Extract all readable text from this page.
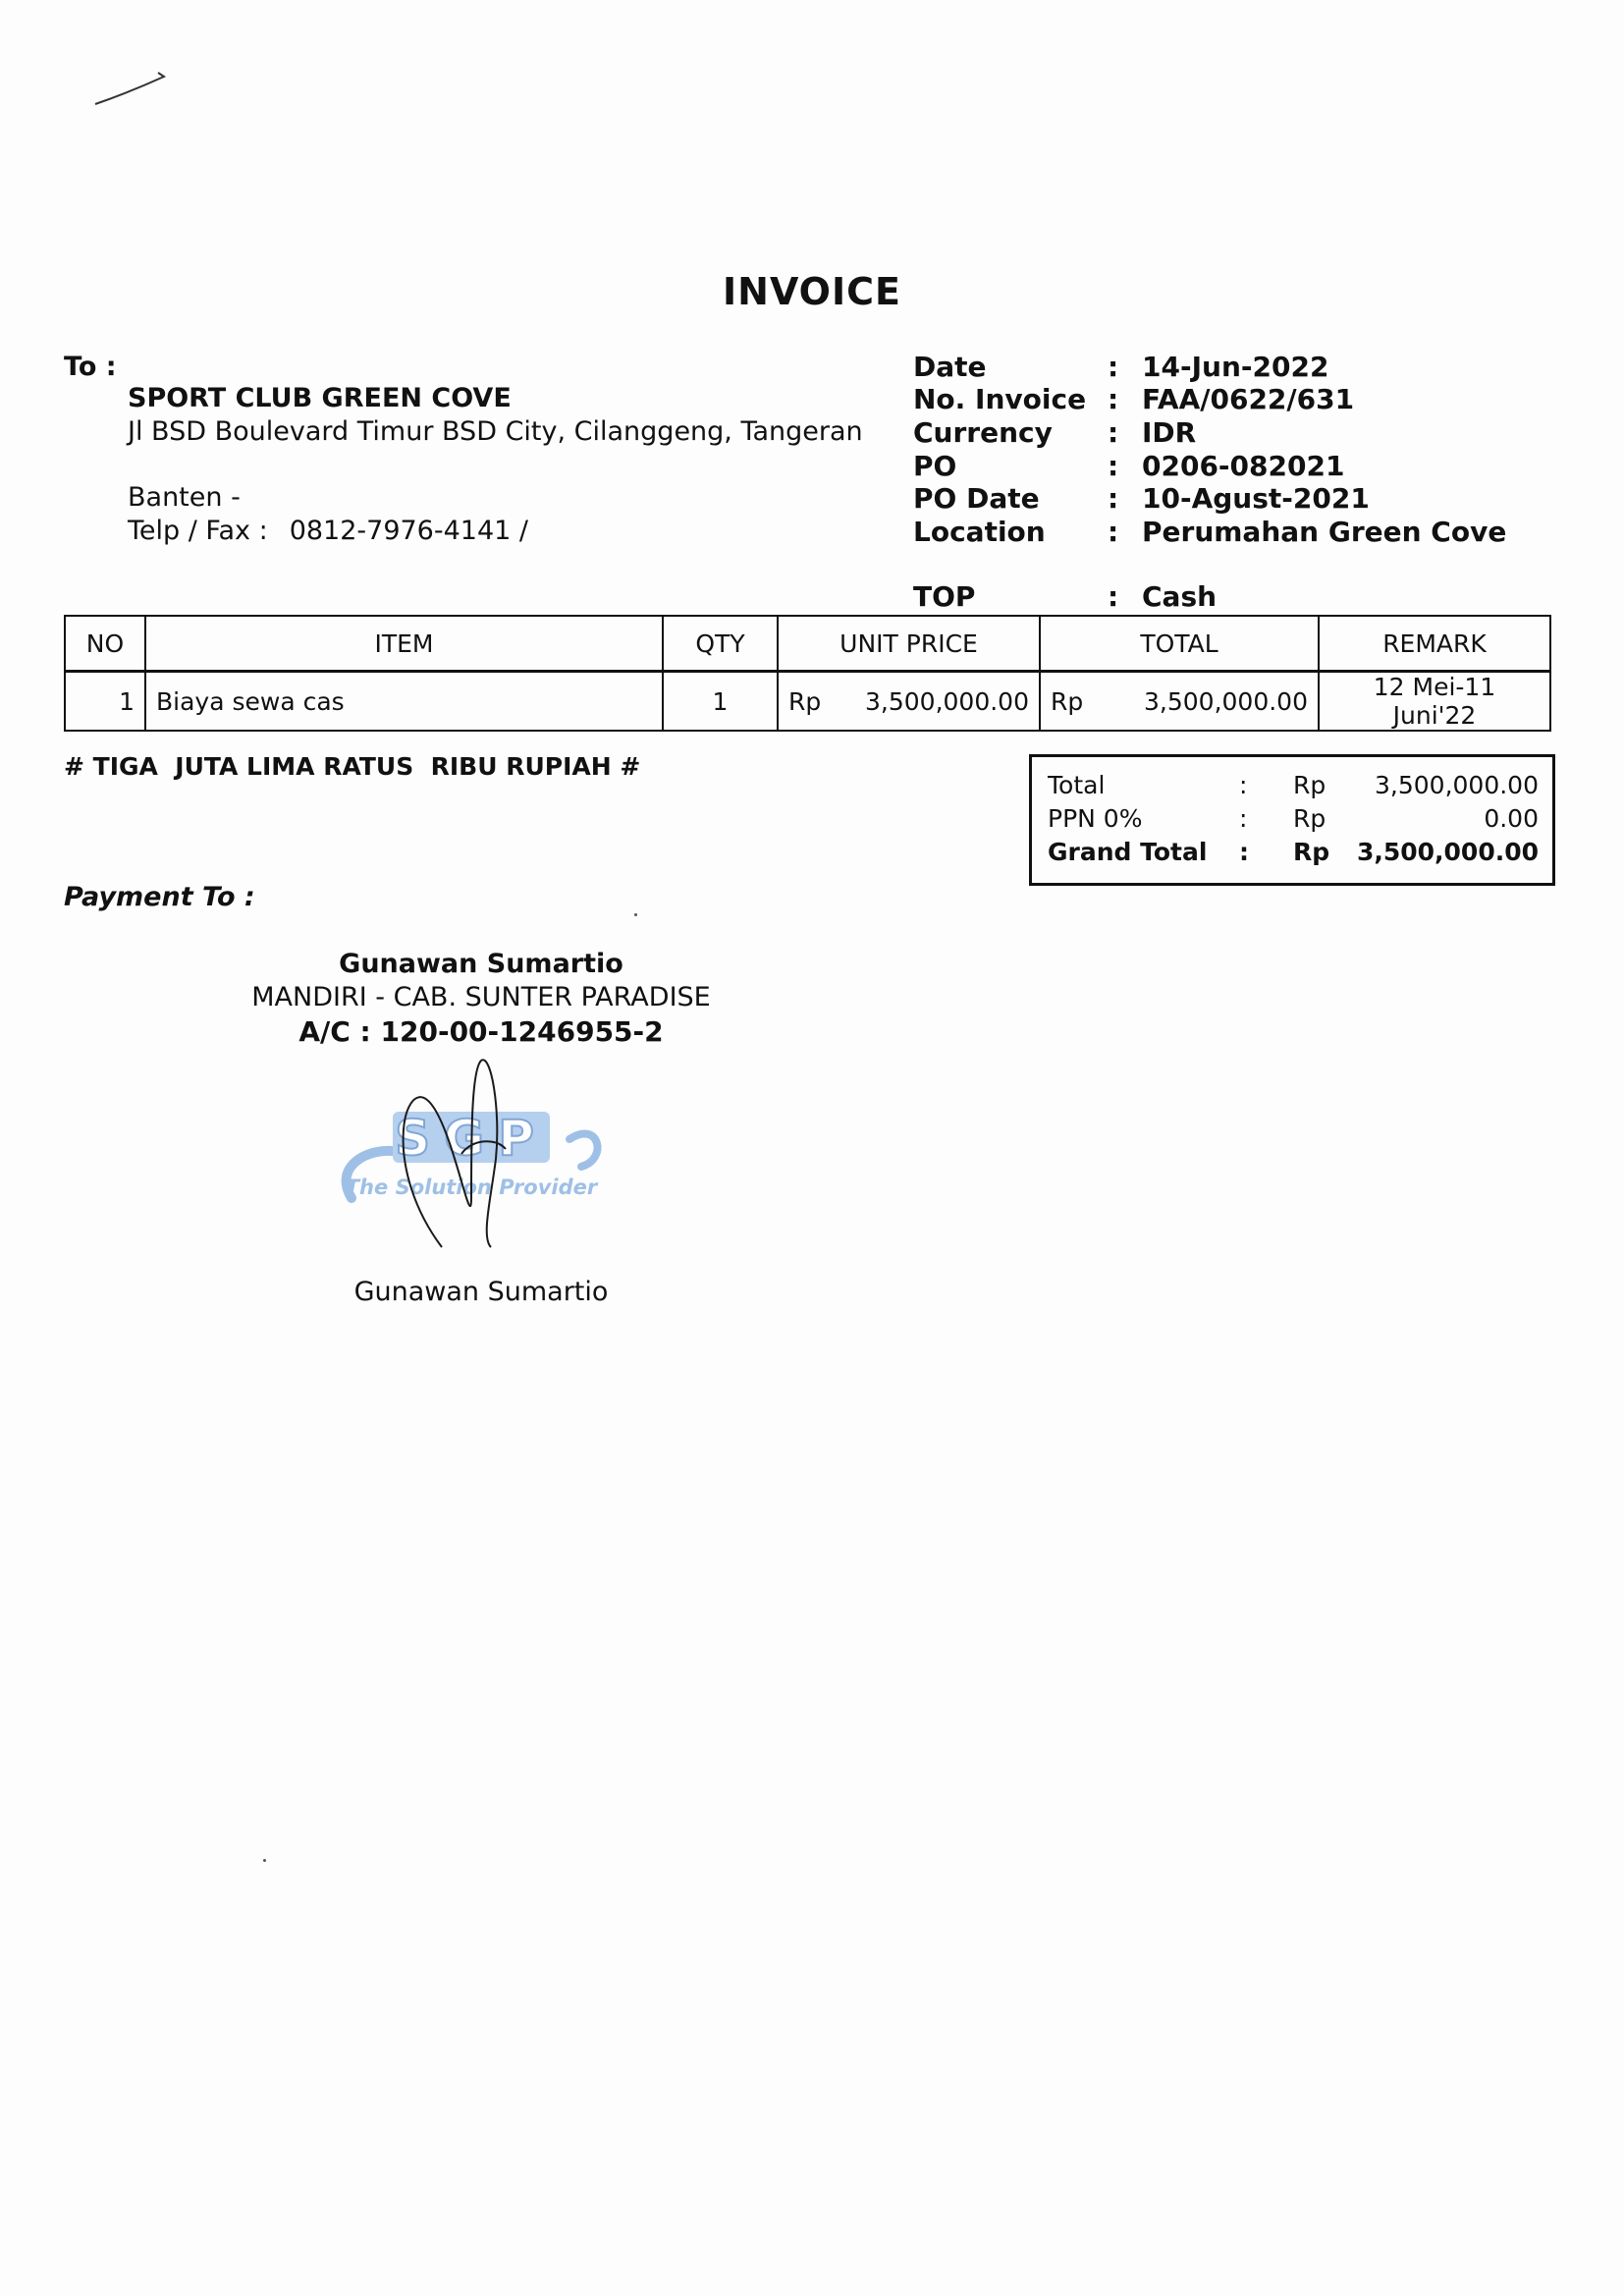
INVOICE
To :
SPORT CLUB GREEN COVE
Jl BSD Boulevard Timur BSD City, Cilanggeng, Tangeran
Banten -
Telp / Fax : 0812-7976-4141 /
Date	: 14-Jun-2022
No. Invoice : FAA/0622/631
Currency : IDR
PO	: 0206-082021
PO Date : 10-Agust-2021
Location : Perumahan Green Cove
TOP	: Cash
NO	ITEM	QTY	UNIT PRICE	TOTAL	REMARK
1	Biaya sewa cas	1	Rp 3,500,000.00	Rp 3,500,000.00	12 Mei-11 Juni'22
# TIGA  JUTA LIMA RATUS  RIBU RUPIAH #
Total	: Rp 3,500,000.00
PPN 0%	: Rp	0.00
Grand Total : Rp 3,500,000.00
Payment To :
Gunawan Sumartio
MANDIRI - CAB. SUNTER PARADISE
A/C : 120-00-1246955-2
SGP
The Solution Provider
Gunawan Sumartio
